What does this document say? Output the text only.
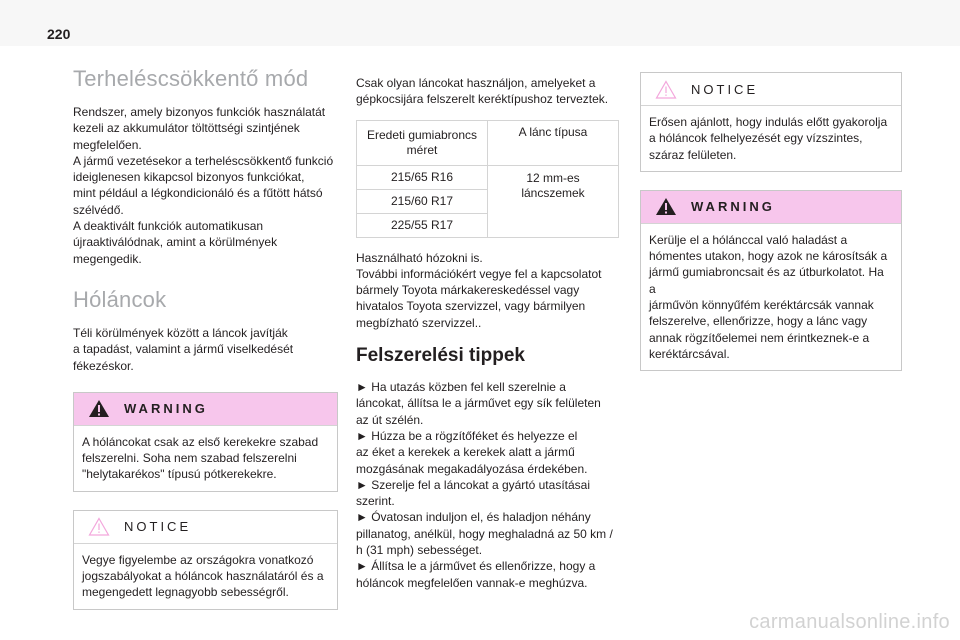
220
Terheléscsökkentő mód

Rendszer, amely bizonyos funkciók használatát
kezeli az akkumulátor töltöttségi szintjének
megfelelően.
A jármű vezetésekor a terheléscsökkentő funkció
ideiglenesen kikapcsol bizonyos funkciókat,
mint például a légkondicionáló és a fűtött hátsó
szélvédő.
A deaktivált funkciók automatikusan
újraaktiválódnak, amint a körülmények
megengedik.

Hóláncok

Téli körülmények között a láncok javítják
a tapadást, valamint a jármű viselkedését
fékezéskor.

WARNING
A hóláncokat csak az első kerekekre szabad
felszerelni. Soha nem szabad felszerelni
"helytakarékos" típusú pótkerekekre.
NOTICE
Vegye figyelembe az országokra vonatkozó
jogszabályokat a hóláncok használatáról és a
megengedett legnagyobb sebességről.

Csak olyan láncokat használjon, amelyeket a
gépkocsijára felszerelt keréktípushoz terveztek.

Eredeti gumiabroncs
méret	A lánc típusa
215/65 R16	12 mm-es
láncszemek
215/60 R17	
225/55 R17	

Használható hózokni is.
További információkért vegye fel a kapcsolatot
bármely Toyota márkakereskedéssel vagy
hivatalos Toyota szervizzel, vagy bármilyen
megbízható szervizzel..

Felszerelési tippek
► Ha utazás közben fel kell szerelnie a
láncokat, állítsa le a járművet egy sík felületen
az út szélén.
► Húzza be a rögzítőféket és helyezze el
az éket a kerekek a kerekek alatt a jármű
mozgásának megakadályozása érdekében.
► Szerelje fel a láncokat a gyártó utasításai
szerint.
► Óvatosan induljon el, és haladjon néhány
pillanatog, anélkül, hogy meghaladná az 50 km /
h (31 mph) sebességet.
► Állítsa le a járművet és ellenőrizze, hogy a
hóláncok megfelelően vannak-e meghúzva.
NOTICE
Erősen ajánlott, hogy indulás előtt gyakorolja
a hóláncok felhelyezését egy vízszintes,
száraz felületen.
WARNING
Kerülje el a hólánccal való haladást a
hómentes utakon, hogy azok ne károsítsák a
jármű gumiabroncsait és az útburkolatot. Ha a
járművön könnyűfém keréktárcsák vannak
felszerelve, ellenőrizze, hogy a lánc vagy
annak rögzítőelemei nem érintkeznek-e a
keréktárcsával.
carmanualsonline.info
